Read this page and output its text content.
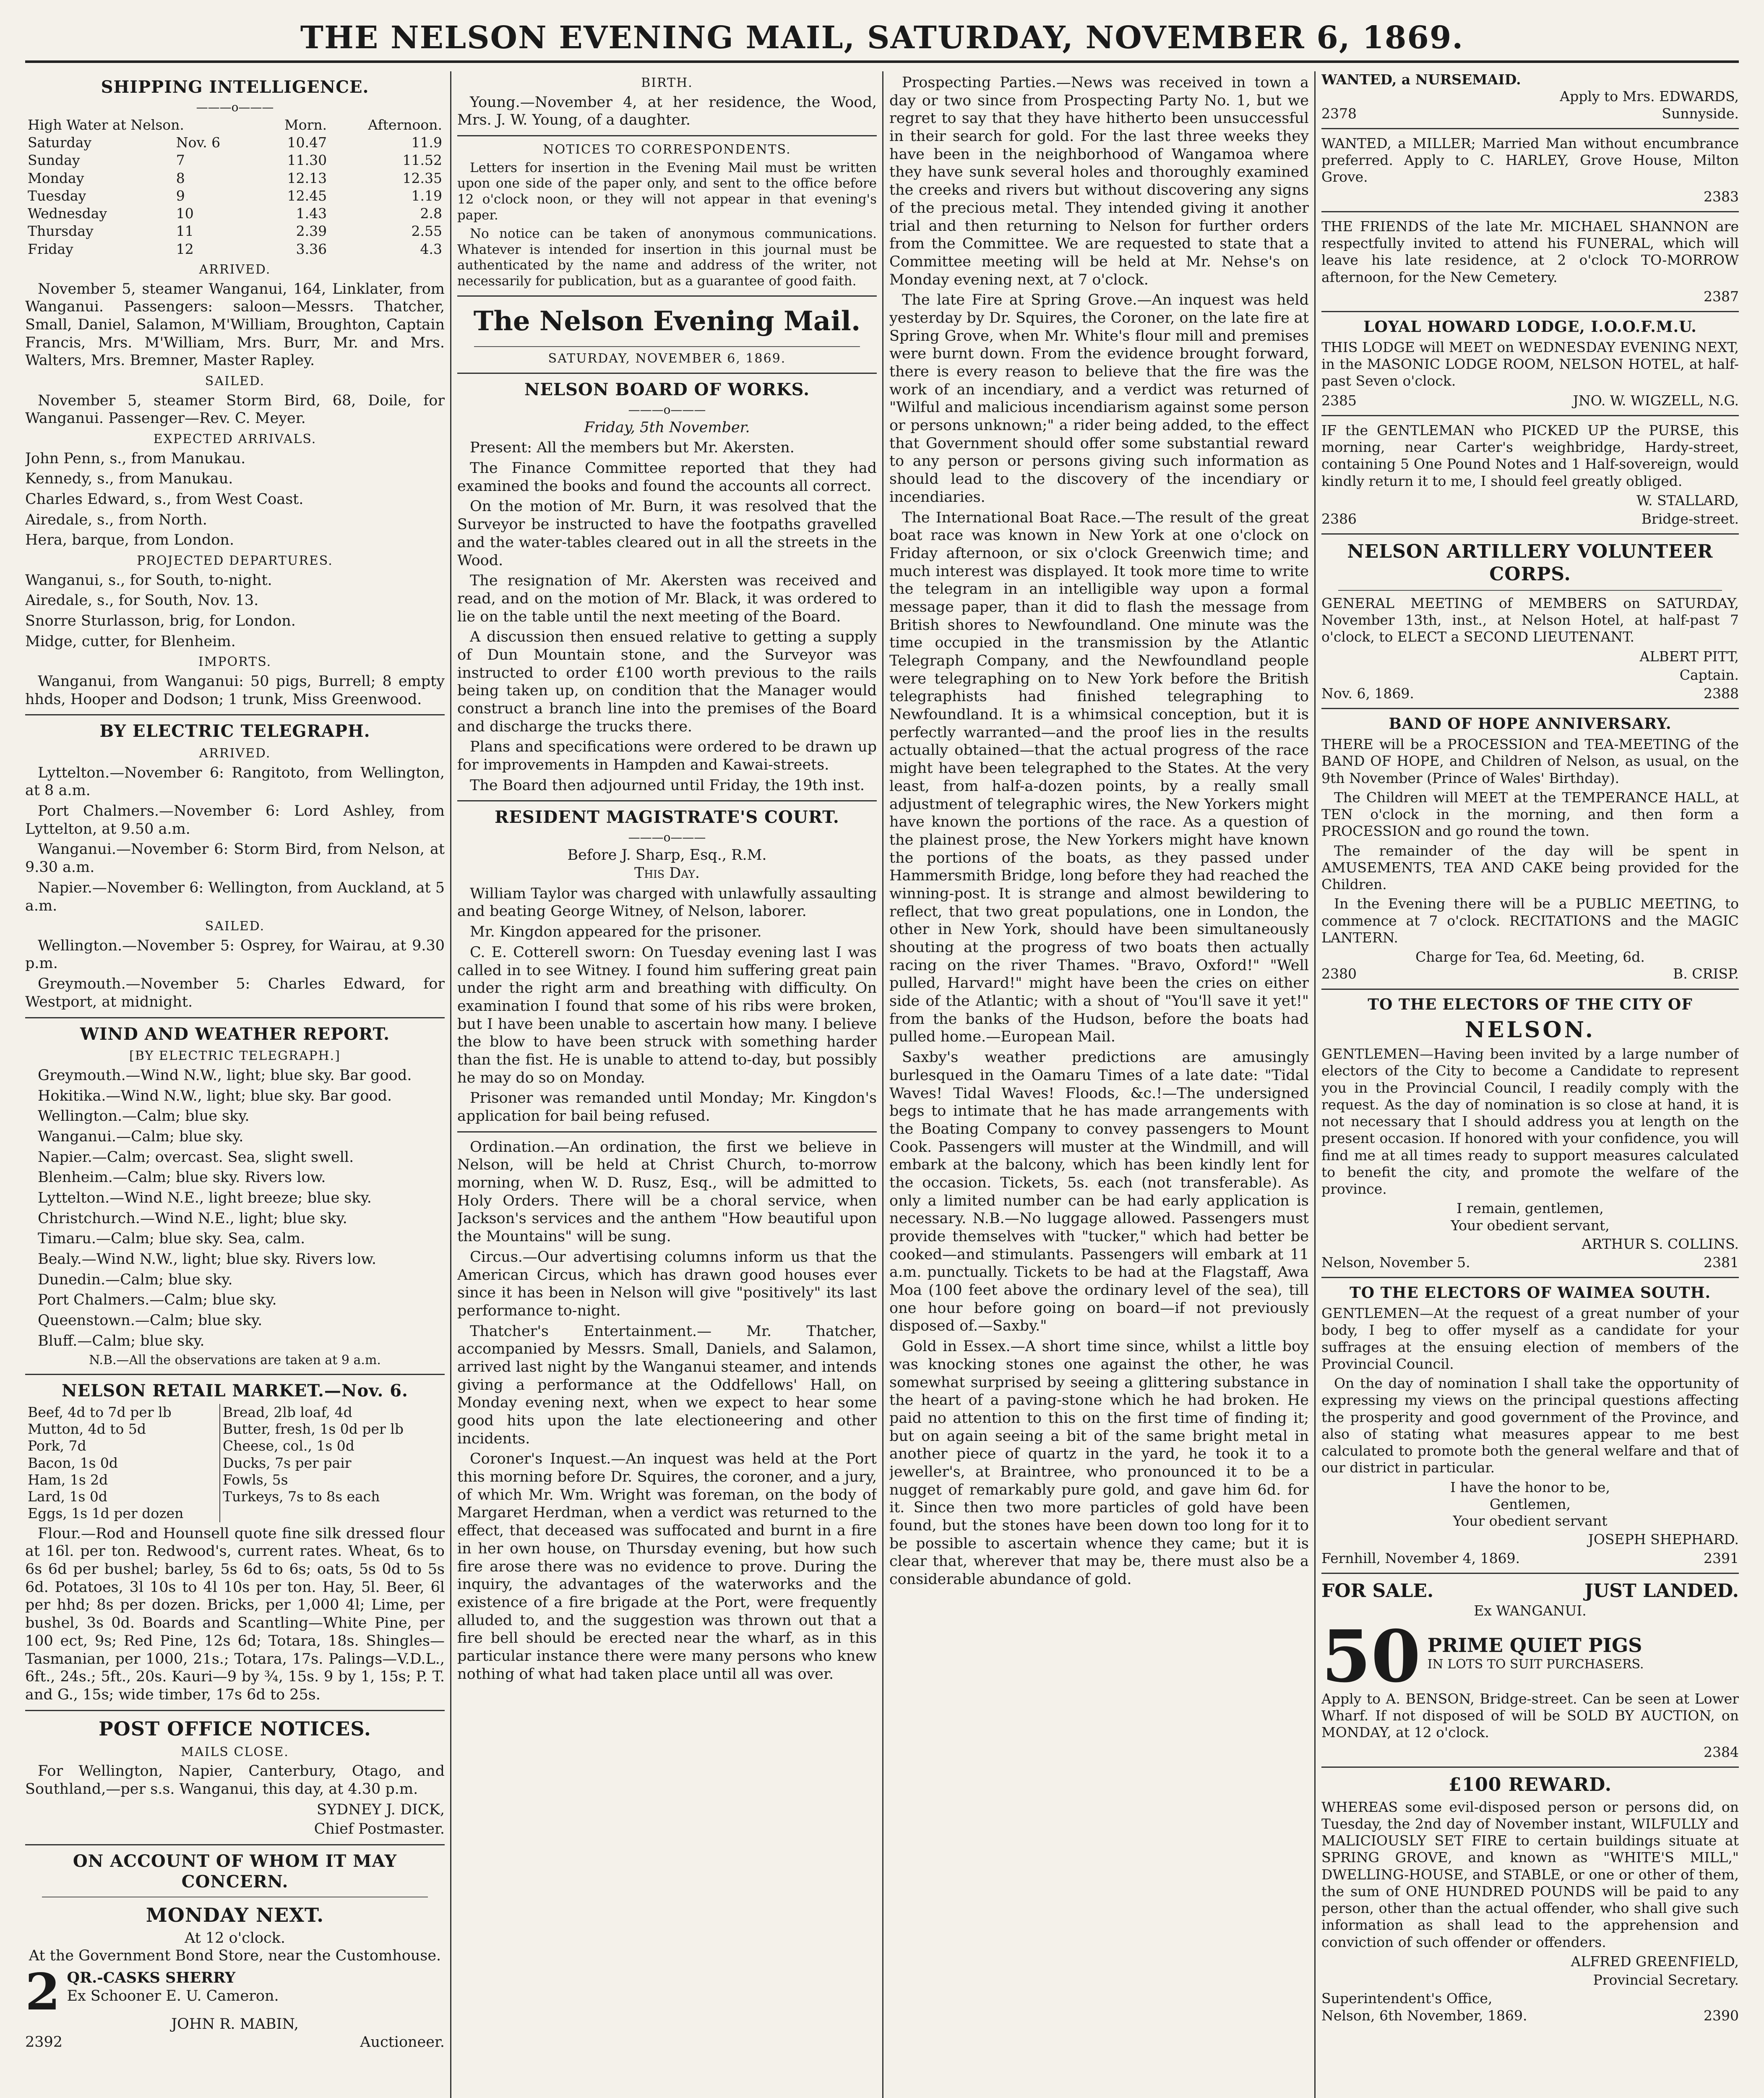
THE NELSON EVENING MAIL, SATURDAY, NOVEMBER 6, 1869.
SHIPPING INTELLIGENCE.
———o———
High Water at Nelson.		Morn.	Afternoon.
Saturday	Nov. 6	10.47	11.9
Sunday	7	11.30	11.52
Monday	8	12.13	12.35
Tuesday	9	12.45	1.19
Wednesday	10	1.43	2.8
Thursday	11	2.39	2.55
Friday	12	3.36	4.3
ARRIVED.

November 5, steamer Wanganui, 164, Linklater, from Wanganui. Passengers: saloon—Messrs. Thatcher, Small, Daniel, Salamon, M'William, Broughton, Captain Francis, Mrs. M'William, Mrs. Burr, Mr. and Mrs. Walters, Mrs. Bremner, Master Rapley.

SAILED.

November 5, steamer Storm Bird, 68, Doile, for Wanganui. Passenger—Rev. C. Meyer.

EXPECTED ARRIVALS.

John Penn, s., from Manukau.

Kennedy, s., from Manukau.

Charles Edward, s., from West Coast.

Airedale, s., from North.

Hera, barque, from London.

PROJECTED DEPARTURES.

Wanganui, s., for South, to-night.

Airedale, s., for South, Nov. 13.

Snorre Sturlasson, brig, for London.

Midge, cutter, for Blenheim.

IMPORTS.

Wanganui, from Wanganui: 50 pigs, Burrell; 8 empty hhds, Hooper and Dodson; 1 trunk, Miss Greenwood.

BY ELECTRIC TELEGRAPH.
ARRIVED.

Lyttelton.—November 6: Rangitoto, from Wellington, at 8 a.m.

Port Chalmers.—November 6: Lord Ashley, from Lyttelton, at 9.50 a.m.

Wanganui.—November 6: Storm Bird, from Nelson, at 9.30 a.m.

Napier.—November 6: Wellington, from Auckland, at 5 a.m.

SAILED.

Wellington.—November 5: Osprey, for Wairau, at 9.30 p.m.

Greymouth.—November 5: Charles Edward, for Westport, at midnight.

WIND AND WEATHER REPORT.
[BY ELECTRIC TELEGRAPH.]

Greymouth.—Wind N.W., light; blue sky. Bar good.

Hokitika.—Wind N.W., light; blue sky. Bar good.

Wellington.—Calm; blue sky.

Wanganui.—Calm; blue sky.

Napier.—Calm; overcast. Sea, slight swell.

Blenheim.—Calm; blue sky. Rivers low.

Lyttelton.—Wind N.E., light breeze; blue sky.

Christchurch.—Wind N.E., light; blue sky.

Timaru.—Calm; blue sky. Sea, calm.

Bealy.—Wind N.W., light; blue sky. Rivers low.

Dunedin.—Calm; blue sky.

Port Chalmers.—Calm; blue sky.

Queenstown.—Calm; blue sky.

Bluff.—Calm; blue sky.

N.B.—All the observations are taken at 9 a.m.

NELSON RETAIL MARKET.—Nov. 6.
Beef, 4d to 7d per lb	Bread, 2lb loaf, 4d
Mutton, 4d to 5d	Butter, fresh, 1s 0d per lb
Pork, 7d	Cheese, col., 1s 0d
Bacon, 1s 0d	Ducks, 7s per pair
Ham, 1s 2d	Fowls, 5s
Lard, 1s 0d	Turkeys, 7s to 8s each
Eggs, 1s 1d per dozen	

Flour.—Rod and Hounsell quote fine silk dressed flour at 16l. per ton. Redwood's, current rates. Wheat, 6s to 6s 6d per bushel; barley, 5s 6d to 6s; oats, 5s 0d to 5s 6d. Potatoes, 3l 10s to 4l 10s per ton. Hay, 5l. Beer, 6l per hhd; 8s per dozen. Bricks, per 1,000 4l; Lime, per bushel, 3s 0d. Boards and Scantling—White Pine, per 100 ect, 9s; Red Pine, 12s 6d; Totara, 18s. Shingles—Tasmanian, per 1000, 21s.; Totara, 17s. Palings—V.D.L., 6ft., 24s.; 5ft., 20s. Kauri—9 by ¾, 15s. 9 by 1, 15s; P. T. and G., 15s; wide timber, 17s 6d to 25s.

POST OFFICE NOTICES.
MAILS CLOSE.

For Wellington, Napier, Canterbury, Otago, and Southland,—per s.s. Wanganui, this day, at 4.30 p.m.

SYDNEY J. DICK,
Chief Postmaster.
ON ACCOUNT OF WHOM IT MAY CONCERN.
MONDAY NEXT.
At 12 o'clock.
At the Government Bond Store, near the Customhouse.
2 QR.-CASKS SHERRY
Ex Schooner E. U. Cameron.
JOHN R. MABIN,
2392	Auctioneer.
BIRTH.

Young.—November 4, at her residence, the Wood, Mrs. J. W. Young, of a daughter.

NOTICES TO CORRESPONDENTS.

Letters for insertion in the Evening Mail must be written upon one side of the paper only, and sent to the office before 12 o'clock noon, or they will not appear in that evening's paper.

No notice can be taken of anonymous communications. Whatever is intended for insertion in this journal must be authenticated by the name and address of the writer, not necessarily for publication, but as a guarantee of good faith.

The Nelson Evening Mail.
SATURDAY, NOVEMBER 6, 1869.
NELSON BOARD OF WORKS.
———o———
Friday, 5th November.

Present: All the members but Mr. Akersten.

The Finance Committee reported that they had examined the books and found the accounts all correct.

On the motion of Mr. Burn, it was resolved that the Surveyor be instructed to have the footpaths gravelled and the water-tables cleared out in all the streets in the Wood.

The resignation of Mr. Akersten was received and read, and on the motion of Mr. Black, it was ordered to lie on the table until the next meeting of the Board.

A discussion then ensued relative to getting a supply of Dun Mountain stone, and the Surveyor was instructed to order £100 worth previous to the rails being taken up, on condition that the Manager would construct a branch line into the premises of the Board and discharge the trucks there.

Plans and specifications were ordered to be drawn up for improvements in Hampden and Kawai-streets.

The Board then adjourned until Friday, the 19th inst.

RESIDENT MAGISTRATE'S COURT.
———o———
Before J. Sharp, Esq., R.M.
This Day.

William Taylor was charged with unlawfully assaulting and beating George Witney, of Nelson, laborer.

Mr. Kingdon appeared for the prisoner.

C. E. Cotterell sworn: On Tuesday evening last I was called in to see Witney. I found him suffering great pain under the right arm and breathing with difficulty. On examination I found that some of his ribs were broken, but I have been unable to ascertain how many. I believe the blow to have been struck with something harder than the fist. He is unable to attend to-day, but possibly he may do so on Monday.

Prisoner was remanded until Monday; Mr. Kingdon's application for bail being refused.

Ordination.—An ordination, the first we believe in Nelson, will be held at Christ Church, to-morrow morning, when W. D. Rusz, Esq., will be admitted to Holy Orders. There will be a choral service, when Jackson's services and the anthem "How beautiful upon the Mountains" will be sung.

Circus.—Our advertising columns inform us that the American Circus, which has drawn good houses ever since it has been in Nelson will give "positively" its last performance to-night.

Thatcher's Entertainment.— Mr. Thatcher, accompanied by Messrs. Small, Daniels, and Salamon, arrived last night by the Wanganui steamer, and intends giving a performance at the Oddfellows' Hall, on Monday evening next, when we expect to hear some good hits upon the late electioneering and other incidents.

Coroner's Inquest.—An inquest was held at the Port this morning before Dr. Squires, the coroner, and a jury, of which Mr. Wm. Wright was foreman, on the body of Margaret Herdman, when a verdict was returned to the effect, that deceased was suffocated and burnt in a fire in her own house, on Thursday evening, but how such fire arose there was no evidence to prove. During the inquiry, the advantages of the waterworks and the existence of a fire brigade at the Port, were frequently alluded to, and the suggestion was thrown out that a fire bell should be erected near the wharf, as in this particular instance there were many persons who knew nothing of what had taken place until all was over.

Prospecting Parties.—News was received in town a day or two since from Prospecting Party No. 1, but we regret to say that they have hitherto been unsuccessful in their search for gold. For the last three weeks they have been in the neighborhood of Wangamoa where they have sunk several holes and thoroughly examined the creeks and rivers but without discovering any signs of the precious metal. They intended giving it another trial and then returning to Nelson for further orders from the Committee. We are requested to state that a Committee meeting will be held at Mr. Nehse's on Monday evening next, at 7 o'clock.

The late Fire at Spring Grove.—An inquest was held yesterday by Dr. Squires, the Coroner, on the late fire at Spring Grove, when Mr. White's flour mill and premises were burnt down. From the evidence brought forward, there is every reason to believe that the fire was the work of an incendiary, and a verdict was returned of "Wilful and malicious incendiarism against some person or persons unknown;" a rider being added, to the effect that Government should offer some substantial reward to any person or persons giving such information as should lead to the discovery of the incendiary or incendiaries.

The International Boat Race.—The result of the great boat race was known in New York at one o'clock on Friday afternoon, or six o'clock Greenwich time; and much interest was displayed. It took more time to write the telegram in an intelligible way upon a formal message paper, than it did to flash the message from British shores to Newfoundland. One minute was the time occupied in the transmission by the Atlantic Telegraph Company, and the Newfoundland people were telegraphing on to New York before the British telegraphists had finished telegraphing to Newfoundland. It is a whimsical conception, but it is perfectly warranted—and the proof lies in the results actually obtained—that the actual progress of the race might have been telegraphed to the States. At the very least, from half-a-dozen points, by a really small adjustment of telegraphic wires, the New Yorkers might have known the portions of the race. As a question of the plainest prose, the New Yorkers might have known the portions of the boats, as they passed under Hammersmith Bridge, long before they had reached the winning-post. It is strange and almost bewildering to reflect, that two great populations, one in London, the other in New York, should have been simultaneously shouting at the progress of two boats then actually racing on the river Thames. "Bravo, Oxford!" "Well pulled, Harvard!" might have been the cries on either side of the Atlantic; with a shout of "You'll save it yet!" from the banks of the Hudson, before the boats had pulled home.—European Mail.

Saxby's weather predictions are amusingly burlesqued in the Oamaru Times of a late date: "Tidal Waves! Tidal Waves! Floods, &c.!—The undersigned begs to intimate that he has made arrangements with the Boating Company to convey passengers to Mount Cook. Passengers will muster at the Windmill, and will embark at the balcony, which has been kindly lent for the occasion. Tickets, 5s. each (not transferable). As only a limited number can be had early application is necessary. N.B.—No luggage allowed. Passengers must provide themselves with "tucker," which had better be cooked—and stimulants. Passengers will embark at 11 a.m. punctually. Tickets to be had at the Flagstaff, Awa Moa (100 feet above the ordinary level of the sea), till one hour before going on board—if not previously disposed of.—Saxby."

Gold in Essex.—A short time since, whilst a little boy was knocking stones one against the other, he was somewhat surprised by seeing a glittering substance in the heart of a paving-stone which he had broken. He paid no attention to this on the first time of finding it; but on again seeing a bit of the same bright metal in another piece of quartz in the yard, he took it to a jeweller's, at Braintree, who pronounced it to be a nugget of remarkably pure gold, and gave him 6d. for it. Since then two more particles of gold have been found, but the stones have been down too long for it to be possible to ascertain whence they came; but it is clear that, wherever that may be, there must also be a considerable abundance of gold.

WANTED, a NURSEMAID.
Apply to Mrs. EDWARDS,
2378	Sunnyside.

WANTED, a MILLER; Married Man without encumbrance preferred. Apply to C. HARLEY, Grove House, Milton Grove.

2383

THE FRIENDS of the late Mr. MICHAEL SHANNON are respectfully invited to attend his FUNERAL, which will leave his late residence, at 2 o'clock TO-MORROW afternoon, for the New Cemetery.

2387
LOYAL HOWARD LODGE, I.O.O.F.M.U.

THIS LODGE will MEET on WEDNESDAY EVENING NEXT, in the MASONIC LODGE ROOM, NELSON HOTEL, at half-past Seven o'clock.

2385	JNO. W. WIGZELL, N.G.

IF the GENTLEMAN who PICKED UP the PURSE, this morning, near Carter's weighbridge, Hardy-street, containing 5 One Pound Notes and 1 Half-sovereign, would kindly return it to me, I should feel greatly obliged.

W. STALLARD,
2386	Bridge-street.
NELSON ARTILLERY VOLUNTEER CORPS.

GENERAL MEETING of MEMBERS on SATURDAY, November 13th, inst., at Nelson Hotel, at half-past 7 o'clock, to ELECT a SECOND LIEUTENANT.

ALBERT PITT,
Captain.
Nov. 6, 1869.	2388
BAND OF HOPE ANNIVERSARY.

THERE will be a PROCESSION and TEA-MEETING of the BAND OF HOPE, and Children of Nelson, as usual, on the 9th November (Prince of Wales' Birthday).

The Children will MEET at the TEMPERANCE HALL, at TEN o'clock in the morning, and then form a PROCESSION and go round the town.

The remainder of the day will be spent in AMUSEMENTS, TEA AND CAKE being provided for the Children.

In the Evening there will be a PUBLIC MEETING, to commence at 7 o'clock. RECITATIONS and the MAGIC LANTERN.

Charge for Tea, 6d. Meeting, 6d.
2380	B. CRISP.
TO THE ELECTORS OF THE CITY OF
NELSON.

GENTLEMEN—Having been invited by a large number of electors of the City to become a Candidate to represent you in the Provincial Council, I readily comply with the request. As the day of nomination is so close at hand, it is not necessary that I should address you at length on the present occasion. If honored with your confidence, you will find me at all times ready to support measures calculated to benefit the city, and promote the welfare of the province.

I remain, gentlemen,
Your obedient servant,
ARTHUR S. COLLINS.
Nelson, November 5.	2381
TO THE ELECTORS OF WAIMEA SOUTH.

GENTLEMEN—At the request of a great number of your body, I beg to offer myself as a candidate for your suffrages at the ensuing election of members of the Provincial Council.

On the day of nomination I shall take the opportunity of expressing my views on the principal questions affecting the prosperity and good government of the Province, and also of stating what measures appear to me best calculated to promote both the general welfare and that of our district in particular.

I have the honor to be,
Gentlemen,
Your obedient servant
JOSEPH SHEPHARD.
Fernhill, November 4, 1869.	2391
FOR SALE.	JUST LANDED.
Ex WANGANUI.
50 PRIME QUIET PIGS
IN LOTS TO SUIT PURCHASERS.

Apply to A. BENSON, Bridge-street. Can be seen at Lower Wharf. If not disposed of will be SOLD BY AUCTION, on MONDAY, at 12 o'clock.

2384
£100 REWARD.

WHEREAS some evil-disposed person or persons did, on Tuesday, the 2nd day of November instant, WILFULLY and MALICIOUSLY SET FIRE to certain buildings situate at SPRING GROVE, and known as "WHITE'S MILL," DWELLING-HOUSE, and STABLE, or one or other of them, the sum of ONE HUNDRED POUNDS will be paid to any person, other than the actual offender, who shall give such information as shall lead to the apprehension and conviction of such offender or offenders.

ALFRED GREENFIELD,
Provincial Secretary.
Superintendent's Office,
Nelson, 6th November, 1869.	2390
